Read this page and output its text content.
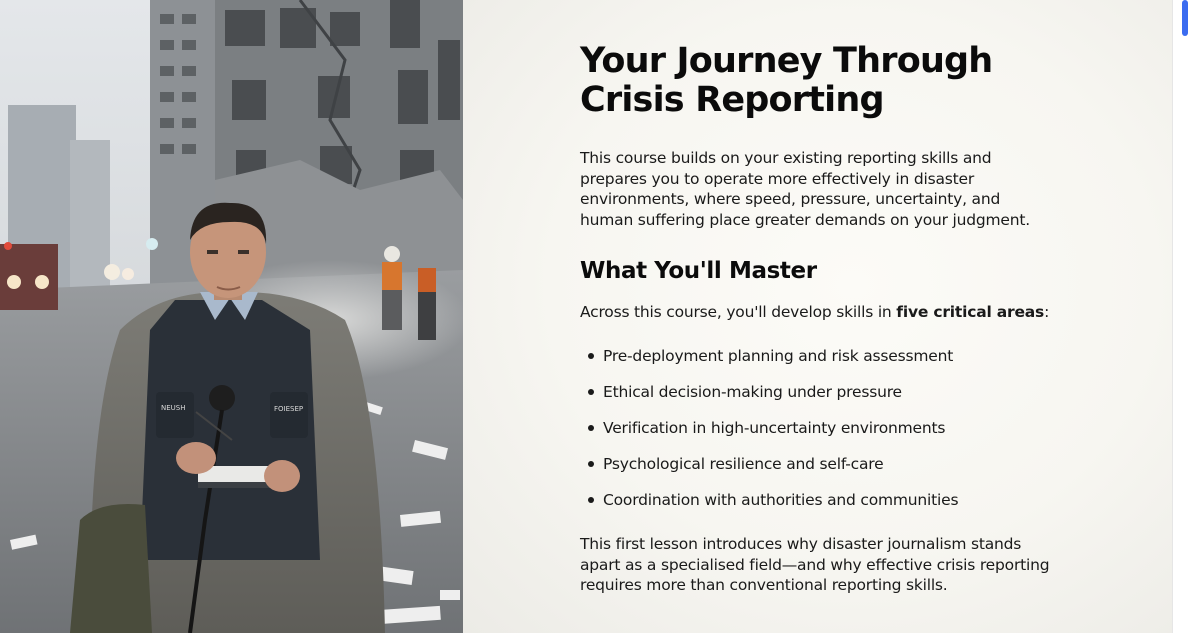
NEUSH	FOIESEP
Your Journey Through Crisis Reporting

This course builds on your existing reporting skills and prepares you to operate more effectively in disaster environments, where speed, pressure, uncertainty, and human suffering place greater demands on your judgment.

What You'll Master

Across this course, you'll develop skills in five critical areas:

Pre-deployment planning and risk assessment
Ethical decision-making under pressure
Verification in high-uncertainty environments
Psychological resilience and self-care
Coordination with authorities and communities

This first lesson introduces why disaster journalism stands apart as a specialised field—and why effective crisis reporting requires more than conventional reporting skills.
